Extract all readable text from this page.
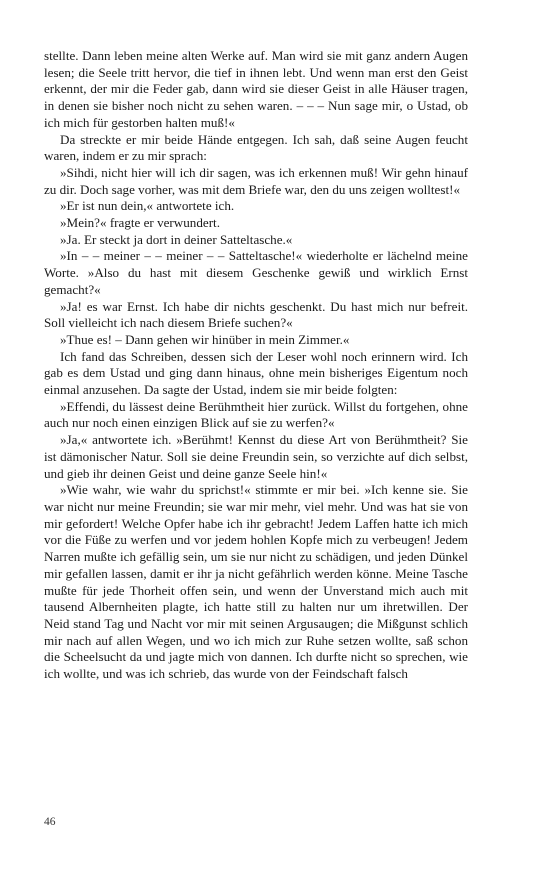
stellte. Dann leben meine alten Werke auf. Man wird sie mit ganz andern Augen lesen; die Seele tritt hervor, die tief in ihnen lebt. Und wenn man erst den Geist erkennt, der mir die Feder gab, dann wird sie dieser Geist in alle Häuser tragen, in denen sie bisher noch nicht zu sehen waren. – – – Nun sage mir, o Ustad, ob ich mich für gestorben halten muß!«

Da streckte er mir beide Hände entgegen. Ich sah, daß seine Augen feucht waren, indem er zu mir sprach:

»Sihdi, nicht hier will ich dir sagen, was ich erkennen muß! Wir gehn hinauf zu dir. Doch sage vorher, was mit dem Briefe war, den du uns zeigen wolltest!«

»Er ist nun dein,« antwortete ich.

»Mein?« fragte er verwundert.

»Ja. Er steckt ja dort in deiner Satteltasche.«

»In – – meiner – – meiner – – Satteltasche!« wiederholte er lächelnd meine Worte. »Also du hast mit diesem Geschenke gewiß und wirklich Ernst gemacht?«

»Ja! es war Ernst. Ich habe dir nichts geschenkt. Du hast mich nur befreit. Soll vielleicht ich nach diesem Briefe suchen?«

»Thue es! – Dann gehen wir hinüber in mein Zimmer.«

Ich fand das Schreiben, dessen sich der Leser wohl noch erinnern wird. Ich gab es dem Ustad und ging dann hinaus, ohne mein bisheriges Eigentum noch einmal anzusehen. Da sagte der Ustad, indem sie mir beide folgten:

»Effendi, du lässest deine Berühmtheit hier zurück. Willst du fortgehen, ohne auch nur noch einen einzigen Blick auf sie zu werfen?«

»Ja,« antwortete ich. »Berühmt! Kennst du diese Art von Berühmtheit? Sie ist dämonischer Natur. Soll sie deine Freundin sein, so verzichte auf dich selbst, und gieb ihr deinen Geist und deine ganze Seele hin!«

»Wie wahr, wie wahr du sprichst!« stimmte er mir bei. »Ich kenne sie. Sie war nicht nur meine Freundin; sie war mir mehr, viel mehr. Und was hat sie von mir gefordert! Welche Opfer habe ich ihr gebracht! Jedem Laffen hatte ich mich vor die Füße zu werfen und vor jedem hohlen Kopfe mich zu verbeugen! Jedem Narren mußte ich gefällig sein, um sie nur nicht zu schädigen, und jeden Dünkel mir gefallen lassen, damit er ihr ja nicht gefährlich werden könne. Meine Tasche mußte für jede Thorheit offen sein, und wenn der Unverstand mich auch mit tausend Albernheiten plagte, ich hatte still zu halten nur um ihretwillen. Der Neid stand Tag und Nacht vor mir mit seinen Argusaugen; die Mißgunst schlich mir nach auf allen Wegen, und wo ich mich zur Ruhe setzen wollte, saß schon die Scheelsucht da und jagte mich von dannen. Ich durfte nicht so sprechen, wie ich wollte, und was ich schrieb, das wurde von der Feindschaft falsch

46
